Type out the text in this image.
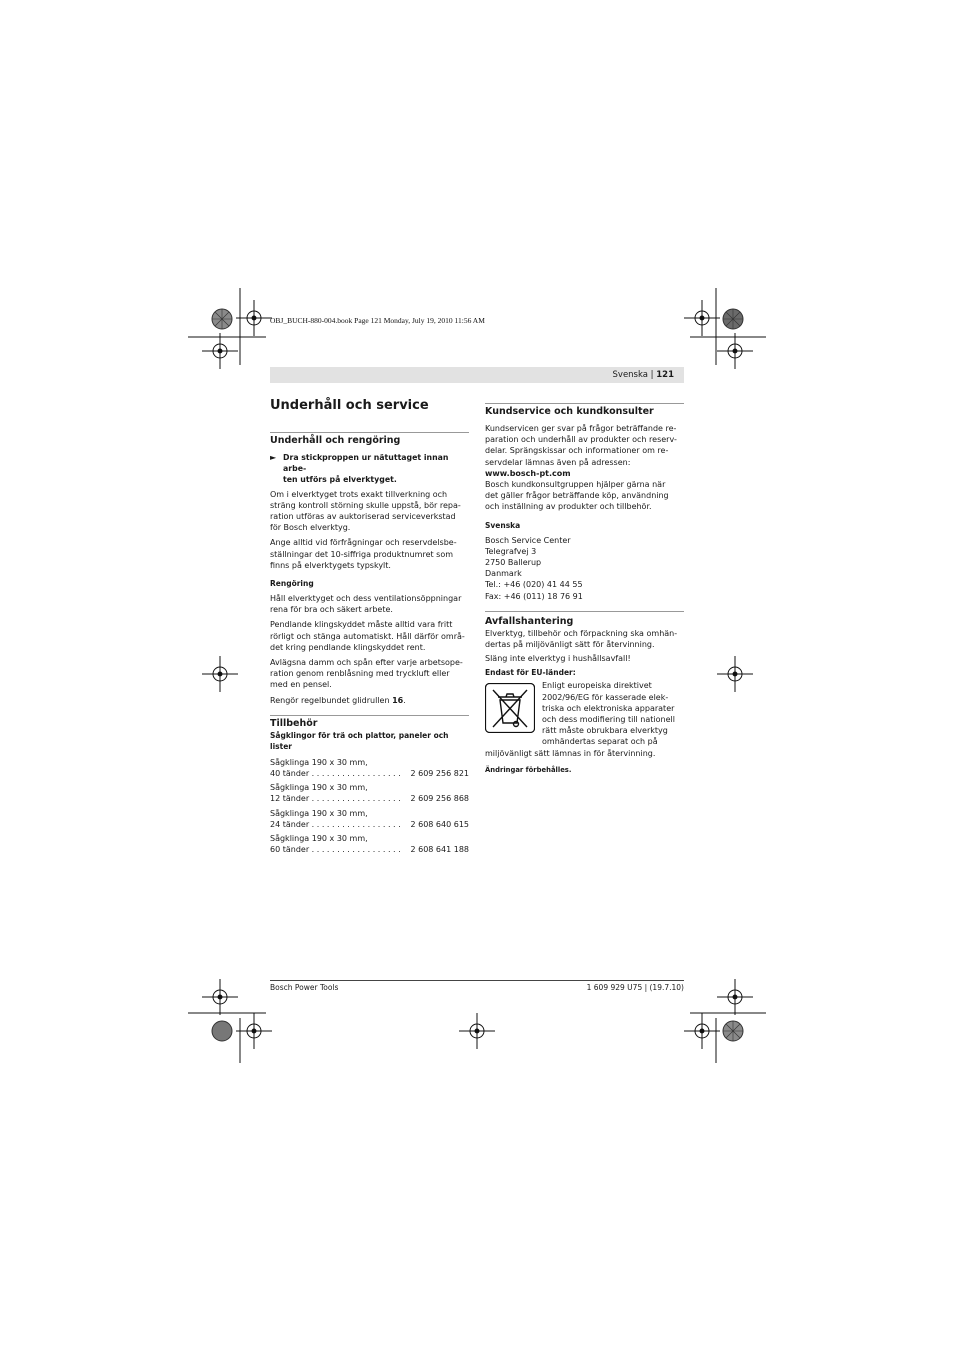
OBJ_BUCH-880-004.book Page 121 Monday, July 19, 2010 11:56 AM
Svenska | 121
Underhåll och service
Underhåll och rengöring
► Dra stickproppen ur nätuttaget innan arbe-
ten utförs på elverktyget.

Om i elverktyget trots exakt tillverkning och
sträng kontroll störning skulle uppstå, bör repa-
ration utföras av auktoriserad serviceverkstad
för Bosch elverktyg.

Ange alltid vid förfrågningar och reservdelsbe-
ställningar det 10-siffriga produktnumret som
finns på elverktygets typskylt.

Rengöring

Håll elverktyget och dess ventilationsöppningar
rena för bra och säkert arbete.

Pendlande klingskyddet måste alltid vara fritt
rörligt och stänga automatiskt. Håll därför områ-
det kring pendlande klingskyddet rent.

Avlägsna damm och spån efter varje arbetsope-
ration genom renblåsning med tryckluft eller
med en pensel.

Rengör regelbundet glidrullen 16.

Tillbehör
Sågklingor för trä och plattor, paneler och
lister
Sågklinga 190 x 30 mm,
40 tänder . . . . . . . . . . . . . . . . . . 2 609 256 821
Sågklinga 190 x 30 mm,
12 tänder . . . . . . . . . . . . . . . . . . 2 609 256 868
Sågklinga 190 x 30 mm,
24 tänder . . . . . . . . . . . . . . . . . . 2 608 640 615
Sågklinga 190 x 30 mm,
60 tänder . . . . . . . . . . . . . . . . . . 2 608 641 188
Kundservice och kundkonsulter

Kundservicen ger svar på frågor beträffande re-
paration och underhåll av produkter och reserv-
delar. Sprängskissar och informationer om re-
servdelar lämnas även på adressen:

www.bosch-pt.com

Bosch kundkonsultgruppen hjälper gärna när
det gäller frågor beträffande köp, användning
och inställning av produkter och tillbehör.

Svenska
Bosch Service Center
Telegrafvej 3
2750 Ballerup
Danmark
Tel.: +46 (020) 41 44 55
Fax: +46 (011) 18 76 91
Avfallshantering

Elverktyg, tillbehör och förpackning ska omhän-
dertas på miljövänligt sätt för återvinning.

Släng inte elverktyg i hushållsavfall!

Endast för EU-länder:
Enligt europeiska direktivet
2002/96/EG för kasserade elek-
triska och elektroniska apparater
och dess modifiering till nationell
rätt måste obrukbara elverktyg
omhändertas separat och på
miljövänligt sätt lämnas in för återvinning.
Ändringar förbehålles.
Bosch Power Tools	1 609 929 U75 | (19.7.10)
